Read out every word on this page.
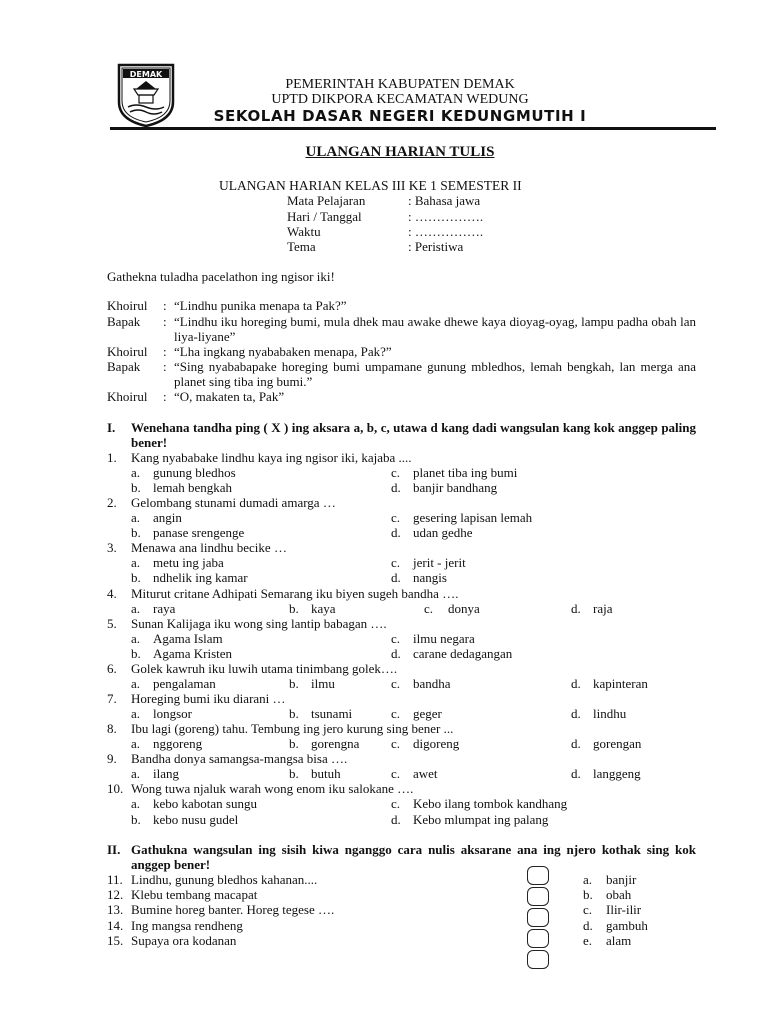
DEMAK
PEMERINTAH KABUPATEN DEMAK
UPTD DIKPORA KECAMATAN WEDUNG
SEKOLAH DASAR NEGERI KEDUNGMUTIH I
ULANGAN HARIAN TULIS
ULANGAN HARIAN KELAS III KE 1 SEMESTER II
Mata Pelajaran	: Bahasa jawa
Hari / Tanggal	: …………….
Waktu	: …………….
Tema	: Peristiwa
Gathekna tuladha pacelathon ing ngisor iki!
Khoirul : “Lindhu punika menapa ta Pak?”
Bapak : “Lindhu iku horeging bumi, mula dhek mau awake dhewe kaya dioyag-oyag, lampu padha obah lan liya-liyane”
Khoirul : “Lha ingkang nyababaken menapa, Pak?”
Bapak : “Sing nyababapake horeging bumi umpamane gunung mbledhos, lemah bengkah, lan merga ana planet sing tiba ing bumi.”
Khoirul : “O, makaten ta, Pak”
I. Wenehana tandha ping ( X ) ing aksara a, b, c, utawa d kang dadi wangsulan kang kok anggep paling bener!
1. Kang nyababake lindhu kaya ing ngisor iki, kajaba ....
a. gunung bledhos
b. lemah bengkah
c. planet tiba ing bumi
d. banjir bandhang
2. Gelombang stunami dumadi amarga …
a. angin
b. panase srengenge
c. gesering lapisan lemah
d. udan gedhe
3. Menawa ana lindhu becike …
a. metu ing jaba
b. ndhelik ing kamar
c. jerit - jerit
d. nangis
4. Miturut critane Adhipati Semarang iku biyen sugeh bandha ….
a. raya	b. kaya	c. donya	d. raja
5. Sunan Kalijaga iku wong sing lantip babagan ….
a. Agama Islam
b. Agama Kristen
c. ilmu negara
d. carane dedagangan
6. Golek kawruh iku luwih utama tinimbang golek….
a. pengalaman	b. ilmu	c. bandha	d. kapinteran
7. Horeging bumi iku diarani …
a. longsor	b. tsunami	c. geger	d. lindhu
8. Ibu lagi (goreng) tahu. Tembung ing jero kurung sing bener ...
a. nggoreng	b. gorengna c. digoreng	d. gorengan
9. Bandha donya samangsa-mangsa bisa ….
a. ilang	b. butuh	c. awet	d. langgeng
10. Wong tuwa njaluk warah wong enom iku salokane ….
a. kebo kabotan sungu
b. kebo nusu gudel
c. Kebo ilang tombok kandhang
d. Kebo mlumpat ing palang
II. Gathukna wangsulan ing sisih kiwa nganggo cara nulis aksarane ana ing njero kothak sing kok anggep bener!
11. Lindhu, gunung bledhos kahanan....
12. Klebu tembang macapat
13. Bumine horeg banter. Horeg tegese ….
14. Ing mangsa rendheng
15. Supaya ora kodanan
a. banjir
b. obah
c. Ilir-ilir
d. gambuh
e. alam
